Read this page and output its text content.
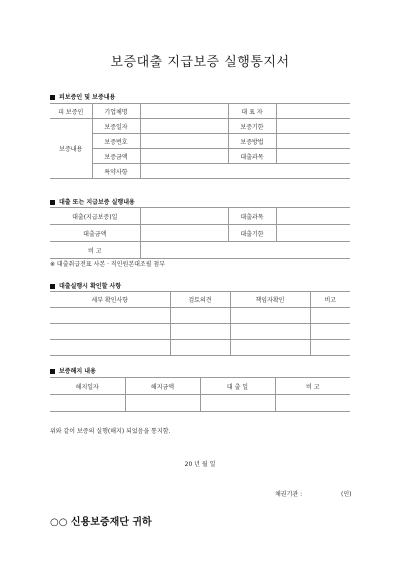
보증대출 지급보증 실행통지서
피보증인 및 보증내용
피 보증인	기업체명		대 표 자	
보증내용	보증일자		보증기한	
	보증번호		보증방법	
	보증금액		대출과목	
	특약사항			
대출 또는 지급보증 실행내용
대출(지급보증)일		대출과목	
대출금액		대출기한	
비 고			
※ 대출취급전표 사본 · 직인원본대조필 첨부
대출실행시 확인할 사항
세부 확인사항	검토의견	책임자확인	비고

보증해지 내용
해지일자	해지금액	대 출 일	비 고

위와 같이 보증의 실행(해지) 되었음을 통지함.
20 년 월 일
채권기관 :	(인)
○○ 신용보증재단 귀하
